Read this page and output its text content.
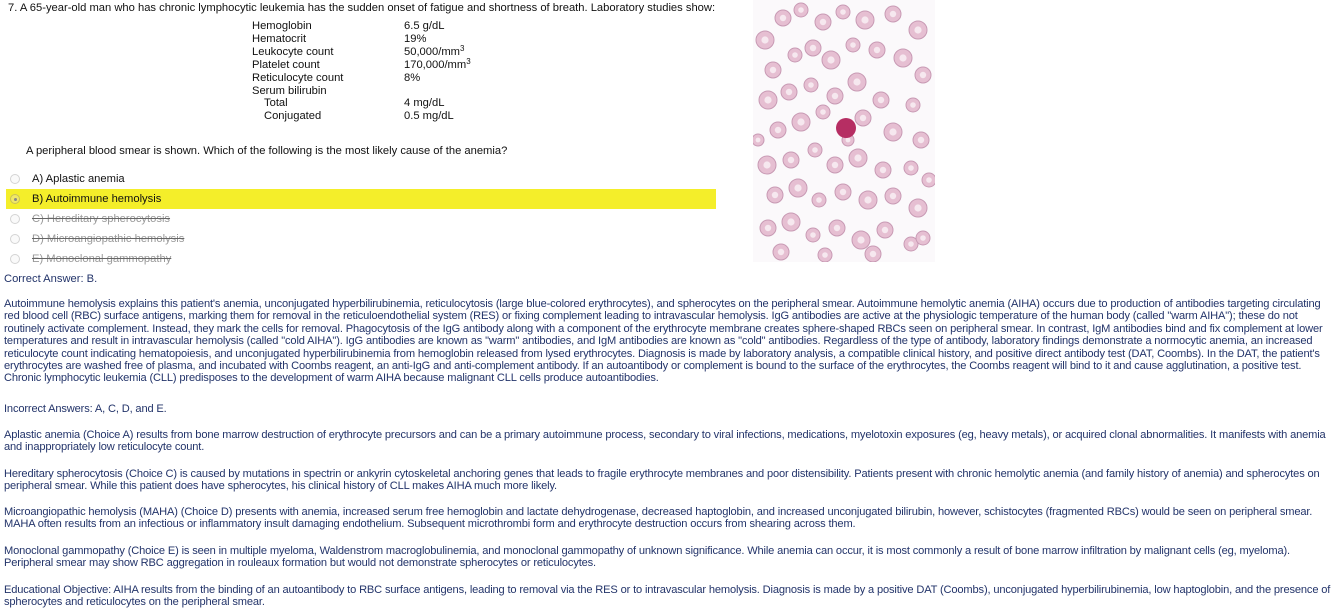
7. A 65-year-old man who has chronic lymphocytic leukemia has the sudden onset of fatigue and shortness of breath. Laboratory studies show:
Hemoglobin	6.5 g/dL
Hematocrit	19%
Leukocyte count	$50,000/mm^3$
Platelet count	$170,000/mm^3$
Reticulocyte count	8%
Serum bilirubin
Total	4 mg/dL
Conjugated	0.5 mg/dL
A peripheral blood smear is shown. Which of the following is the most likely cause of the anemia?
A) Aplastic anemia
B) Autoimmune hemolysis
C) Hereditary spherocytosis
D) Microangiopathic hemolysis
E) Monoclonal gammopathy
Correct Answer: B.
Autoimmune hemolysis explains this patient's anemia, unconjugated hyperbilirubinemia, reticulocytosis (large blue-colored erythrocytes), and spherocytes on the peripheral smear. Autoimmune hemolytic anemia (AIHA) occurs due to production of antibodies targeting circulating red blood cell (RBC) surface antigens, marking them for removal in the reticuloendothelial system (RES) or fixing complement leading to intravascular hemolysis. IgG antibodies are active at the physiologic temperature of the human body (called "warm AIHA"); these do not routinely activate complement. Instead, they mark the cells for removal. Phagocytosis of the IgG antibody along with a component of the erythrocyte membrane creates sphere-shaped RBCs seen on peripheral smear. In contrast, IgM antibodies bind and fix complement at lower temperatures and result in intravascular hemolysis (called "cold AIHA"). IgG antibodies are known as "warm" antibodies, and IgM antibodies are known as "cold" antibodies. Regardless of the type of antibody, laboratory findings demonstrate a normocytic anemia, an increased reticulocyte count indicating hematopoiesis, and unconjugated hyperbilirubinemia from hemoglobin released from lysed erythrocytes. Diagnosis is made by laboratory analysis, a compatible clinical history, and positive direct antibody test (DAT, Coombs). In the DAT, the patient's erythrocytes are washed free of plasma, and incubated with Coombs reagent, an anti-IgG and anti-complement antibody. If an autoantibody or complement is bound to the surface of the erythrocytes, the Coombs reagent will bind to it and cause agglutination, a positive test. Chronic lymphocytic leukemia (CLL) predisposes to the development of warm AIHA because malignant CLL cells produce autoantibodies.
Incorrect Answers: A, C, D, and E.
Aplastic anemia (Choice A) results from bone marrow destruction of erythrocyte precursors and can be a primary autoimmune process, secondary to viral infections, medications, myelotoxin exposures (eg, heavy metals), or acquired clonal abnormalities. It manifests with anemia and inappropriately low reticulocyte count.
Hereditary spherocytosis (Choice C) is caused by mutations in spectrin or ankyrin cytoskeletal anchoring genes that leads to fragile erythrocyte membranes and poor distensibility. Patients present with chronic hemolytic anemia (and family history of anemia) and spherocytes on peripheral smear. While this patient does have spherocytes, his clinical history of CLL makes AIHA much more likely.
Microangiopathic hemolysis (MAHA) (Choice D) presents with anemia, increased serum free hemoglobin and lactate dehydrogenase, decreased haptoglobin, and increased unconjugated bilirubin, however, schistocytes (fragmented RBCs) would be seen on peripheral smear. MAHA often results from an infectious or inflammatory insult damaging endothelium. Subsequent microthrombi form and erythrocyte destruction occurs from shearing across them.
Monoclonal gammopathy (Choice E) is seen in multiple myeloma, Waldenstrom macroglobulinemia, and monoclonal gammopathy of unknown significance. While anemia can occur, it is most commonly a result of bone marrow infiltration by malignant cells (eg, myeloma). Peripheral smear may show RBC aggregation in rouleaux formation but would not demonstrate spherocytes or reticulocytes.
Educational Objective: AIHA results from the binding of an autoantibody to RBC surface antigens, leading to removal via the RES or to intravascular hemolysis. Diagnosis is made by a positive DAT (Coombs), unconjugated hyperbilirubinemia, low haptoglobin, and the presence of spherocytes and reticulocytes on the peripheral smear.
